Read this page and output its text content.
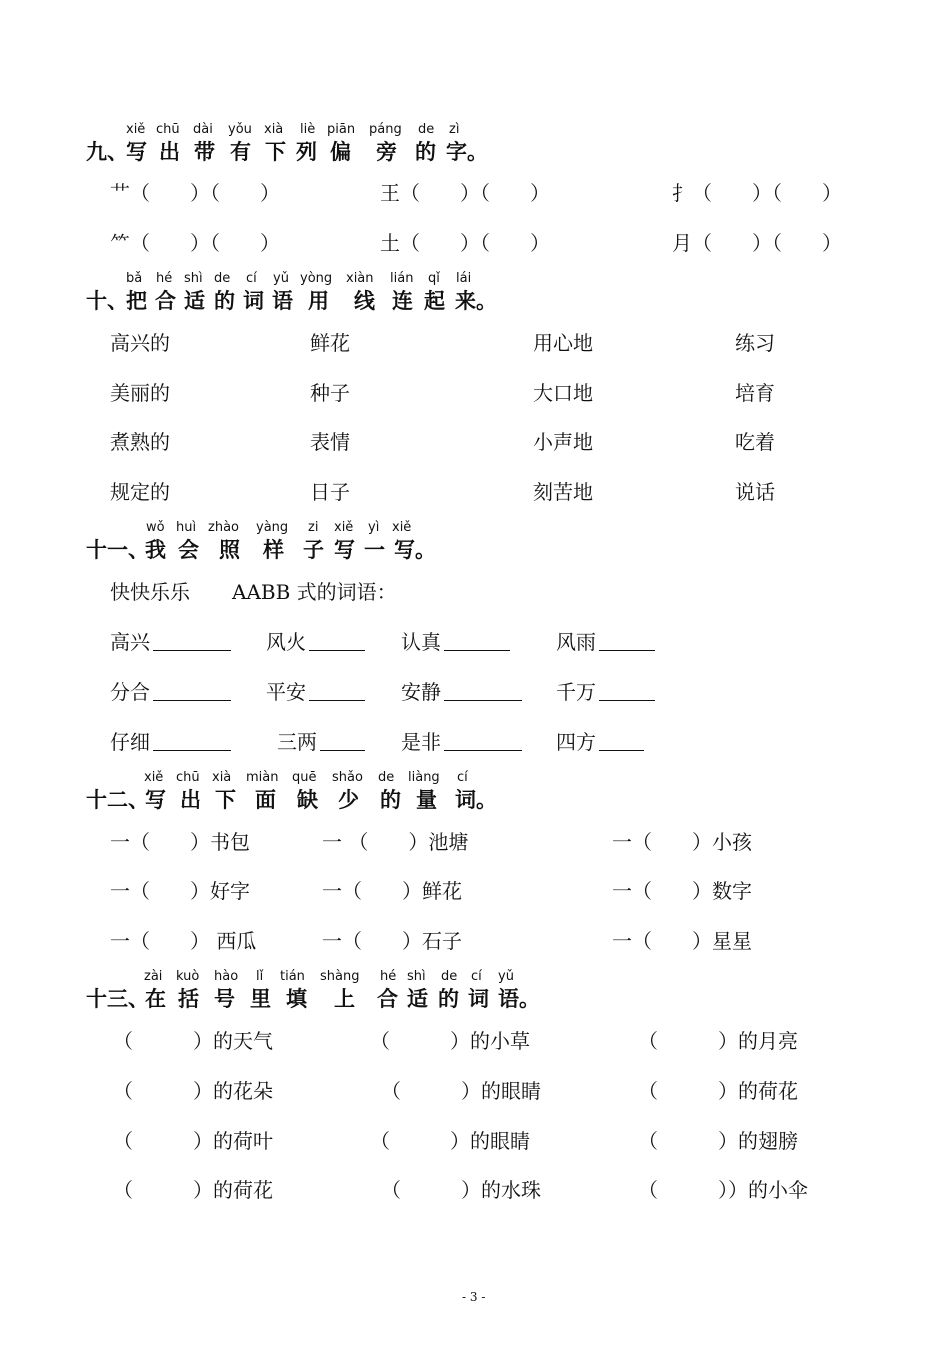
九、
xiě chū dài yǒu xià liè piān páng de zì
写 出 带 有 下 列 偏 旁 的 字。
艹（　　）（　　）	王（　　）（　　）	扌（　　）（　　）
⺮（　　）（　　）	土（　　）（　　）	月（　　）（　　）
十、
bǎ hé shì de cí yǔ yòng xiàn lián qǐ lái
把 合 适 的 词 语 用 线 连 起 来。
高兴的	鲜花	用心地	练习
美丽的	种子	大口地	培育
煮熟的	表情	小声地	吃着
规定的	日子	刻苦地	说话
十一、
wǒ huì zhào yàng zi xiě yì xiě
我 会 照 样 子 写 一 写。
快快乐乐 AABB 式的词语：
高兴	风火	认真	风雨
分合	平安	安静	千万
仔细	三两	是非	四方
十二、
xiě chū xià miàn quē shǎo de liàng cí
写 出 下 面 缺 少 的 量 词。
一（　　）书包	一 （　　）池塘	一（　　）小孩
一（　　）好字	一（　　）鲜花	一（　　）数字
一（　　） 西瓜	一（　　）石子	一（　　）星星
十三、
zài kuò hào lǐ tián shàng hé shì de cí yǔ
在 括 号 里 填 上 合 适 的 词 语。
（　　　）的天气	（　　　）的小草	（　　　）的月亮
（　　　）的花朵	（　　　）的眼睛	（　　　）的荷花
（　　　）的荷叶	（　　　）的眼睛	（　　　）的翅膀
（　　　）的荷花	（　　　）的水珠	（　　　））的小伞
- 3 -
